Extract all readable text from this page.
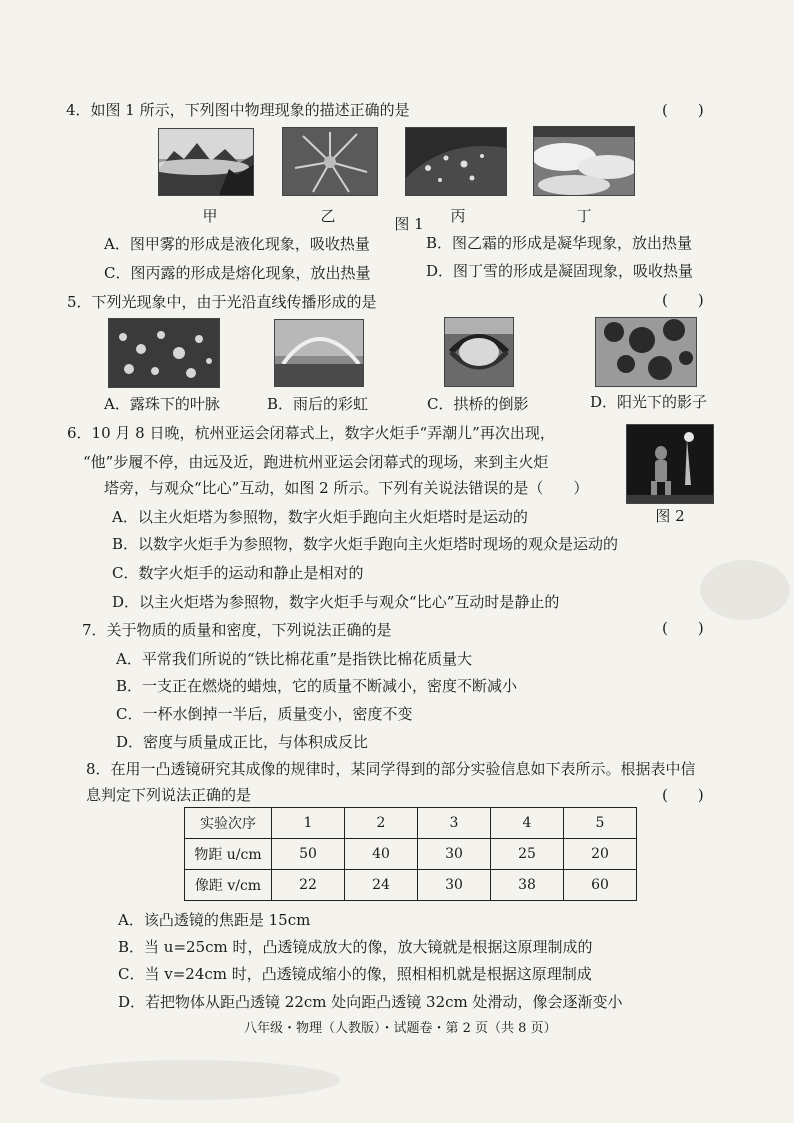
4．如图 1 所示，下列图中物理现象的描述正确的是	(　　)
甲	乙	图 1	丙	丁
A．图甲雾的形成是液化现象，吸收热量	B．图乙霜的形成是凝华现象，放出热量
C．图丙露的形成是熔化现象，放出热量	D．图丁雪的形成是凝固现象，吸收热量
5．下列光现象中，由于光沿直线传播形成的是	(　　)
A．露珠下的叶脉	B．雨后的彩虹	C．拱桥的倒影	D．阳光下的影子
6．10 月 8 日晚，杭州亚运会闭幕式上，数字火炬手“弄潮儿”再次出现，
“他”步履不停，由远及近，跑进杭州亚运会闭幕式的现场，来到主火炬
塔旁，与观众“比心”互动，如图 2 所示。下列有关说法错误的是（　　）
图 2
A．以主火炬塔为参照物，数字火炬手跑向主火炬塔时是运动的
B．以数字火炬手为参照物，数字火炬手跑向主火炬塔时现场的观众是运动的
C．数字火炬手的运动和静止是相对的
D．以主火炬塔为参照物，数字火炬手与观众“比心”互动时是静止的
7．关于物质的质量和密度，下列说法正确的是	(　　)
A．平常我们所说的“铁比棉花重”是指铁比棉花质量大
B．一支正在燃烧的蜡烛，它的质量不断减小，密度不断减小
C．一杯水倒掉一半后，质量变小，密度不变
D．密度与质量成正比，与体积成反比
8．在用一凸透镜研究其成像的规律时，某同学得到的部分实验信息如下表所示。根据表中信
息判定下列说法正确的是	(　　)
实验次序	1	2	3	4	5
物距 u/cm	50	40	30	25	20
像距 v/cm	22	24	30	38	60
A．该凸透镜的焦距是 15cm
B．当 u=25cm 时，凸透镜成放大的像，放大镜就是根据这原理制成的
C．当 v=24cm 时，凸透镜成缩小的像，照相相机就是根据这原理制成
D．若把物体从距凸透镜 22cm 处向距凸透镜 32cm 处滑动，像会逐渐变小
八年级・物理（人教版）・试题卷・第 2 页（共 8 页）
